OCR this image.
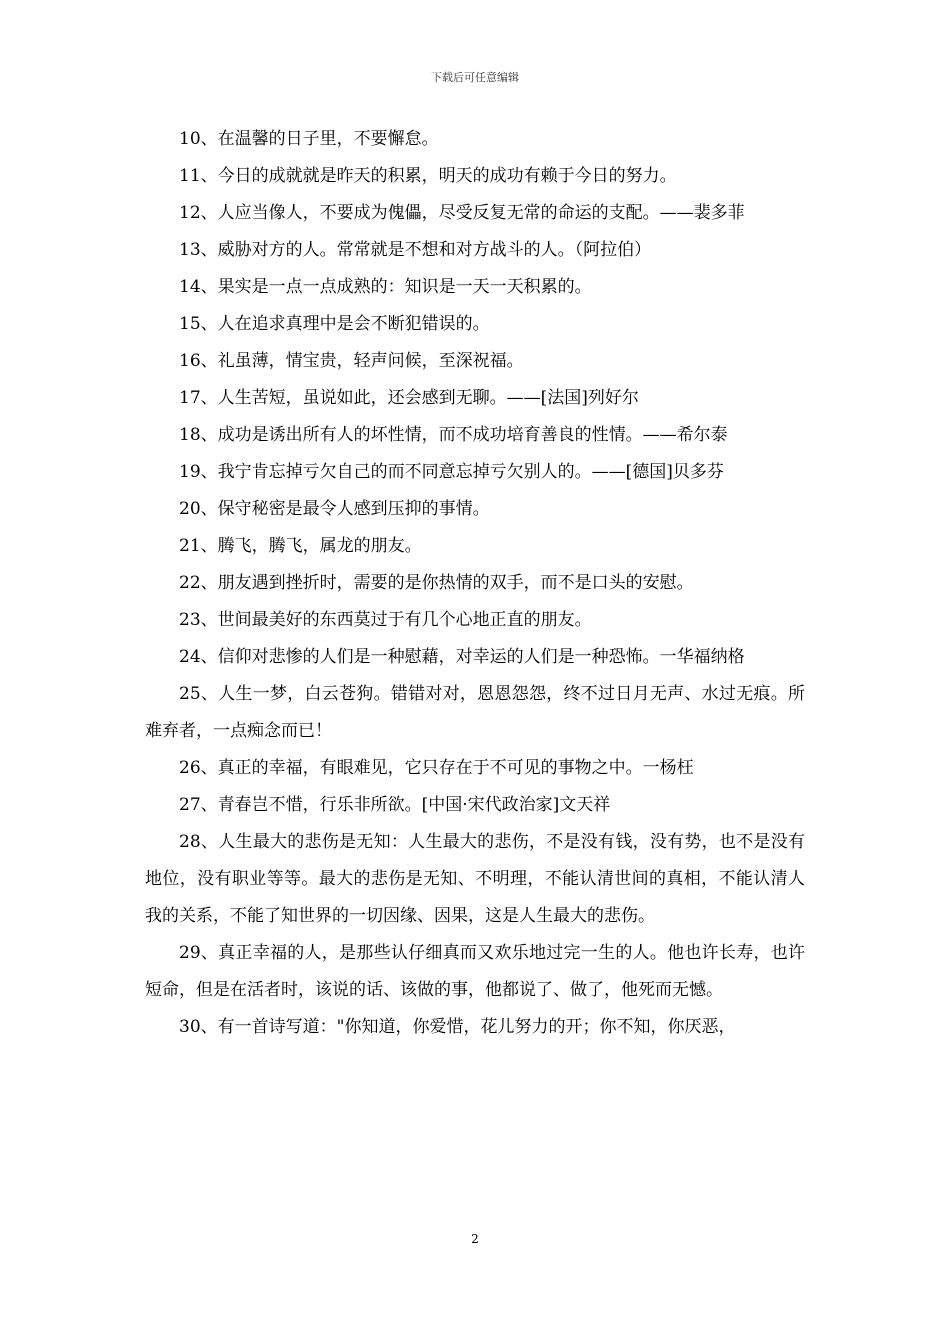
下载后可任意编辑

10、在温馨的日子里，不要懈怠。

11、今日的成就就是昨天的积累，明天的成功有赖于今日的努力。

12、人应当像人，不要成为傀儡，尽受反复无常的命运的支配。——裴多菲

13、威胁对方的人。常常就是不想和对方战斗的人。（阿拉伯）

14、果实是一点一点成熟的：知识是一天一天积累的。

15、人在追求真理中是会不断犯错误的。

16、礼虽薄，情宝贵，轻声问候，至深祝福。

17、人生苦短，虽说如此，还会感到无聊。——[法国]列好尔

18、成功是诱出所有人的坏性情，而不成功培育善良的性情。——希尔泰

19、我宁肯忘掉亏欠自己的而不同意忘掉亏欠别人的。——[德国]贝多芬

20、保守秘密是最令人感到压抑的事情。

21、腾飞，腾飞，属龙的朋友。

22、朋友遇到挫折时，需要的是你热情的双手，而不是口头的安慰。

23、世间最美好的东西莫过于有几个心地正直的朋友。

24、信仰对悲惨的人们是一种慰藉，对幸运的人们是一种恐怖。一华福纳格

25、人生一梦，白云苍狗。错错对对，恩恩怨怨，终不过日月无声、水过无痕。所难弃者，一点痴念而已！

26、真正的幸福，有眼难见，它只存在于不可见的事物之中。一杨枉

27、青春岂不惜，行乐非所欲。[中国·宋代政治家]文天祥

28、人生最大的悲伤是无知：人生最大的悲伤，不是没有钱，没有势，也不是没有地位，没有职业等等。最大的悲伤是无知、不明理，不能认清世间的真相，不能认清人我的关系，不能了知世界的一切因缘、因果，这是人生最大的悲伤。

29、真正幸福的人，是那些认仔细真而又欢乐地过完一生的人。他也许长寿，也许短命，但是在活者时，该说的话、该做的事，他都说了、做了，他死而无憾。

30、有一首诗写道："你知道，你爱惜，花儿努力的开；你不知，你厌恶，

2
